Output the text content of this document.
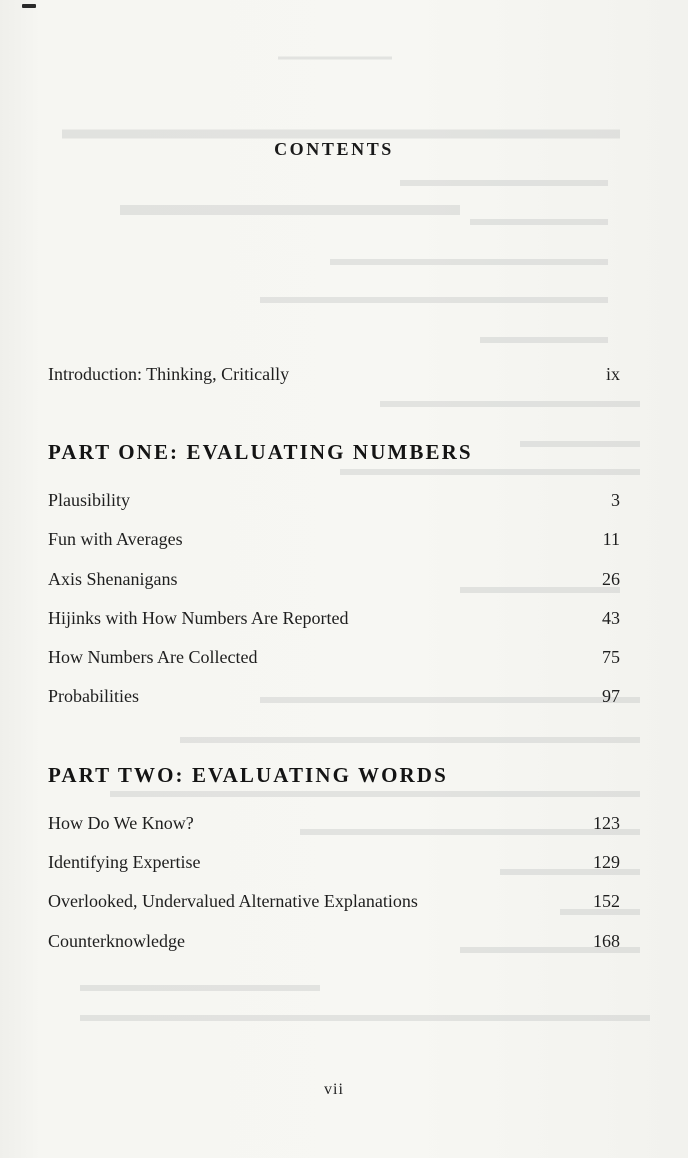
CONTENTS
Introduction: Thinking, Critically	ix
PART ONE: EVALUATING NUMBERS
Plausibility	3
Fun with Averages	11
Axis Shenanigans	26
Hijinks with How Numbers Are Reported	43
How Numbers Are Collected	75
Probabilities	97
PART TWO: EVALUATING WORDS
How Do We Know?	123
Identifying Expertise	129
Overlooked, Undervalued Alternative Explanations	152
Counterknowledge	168
vii
